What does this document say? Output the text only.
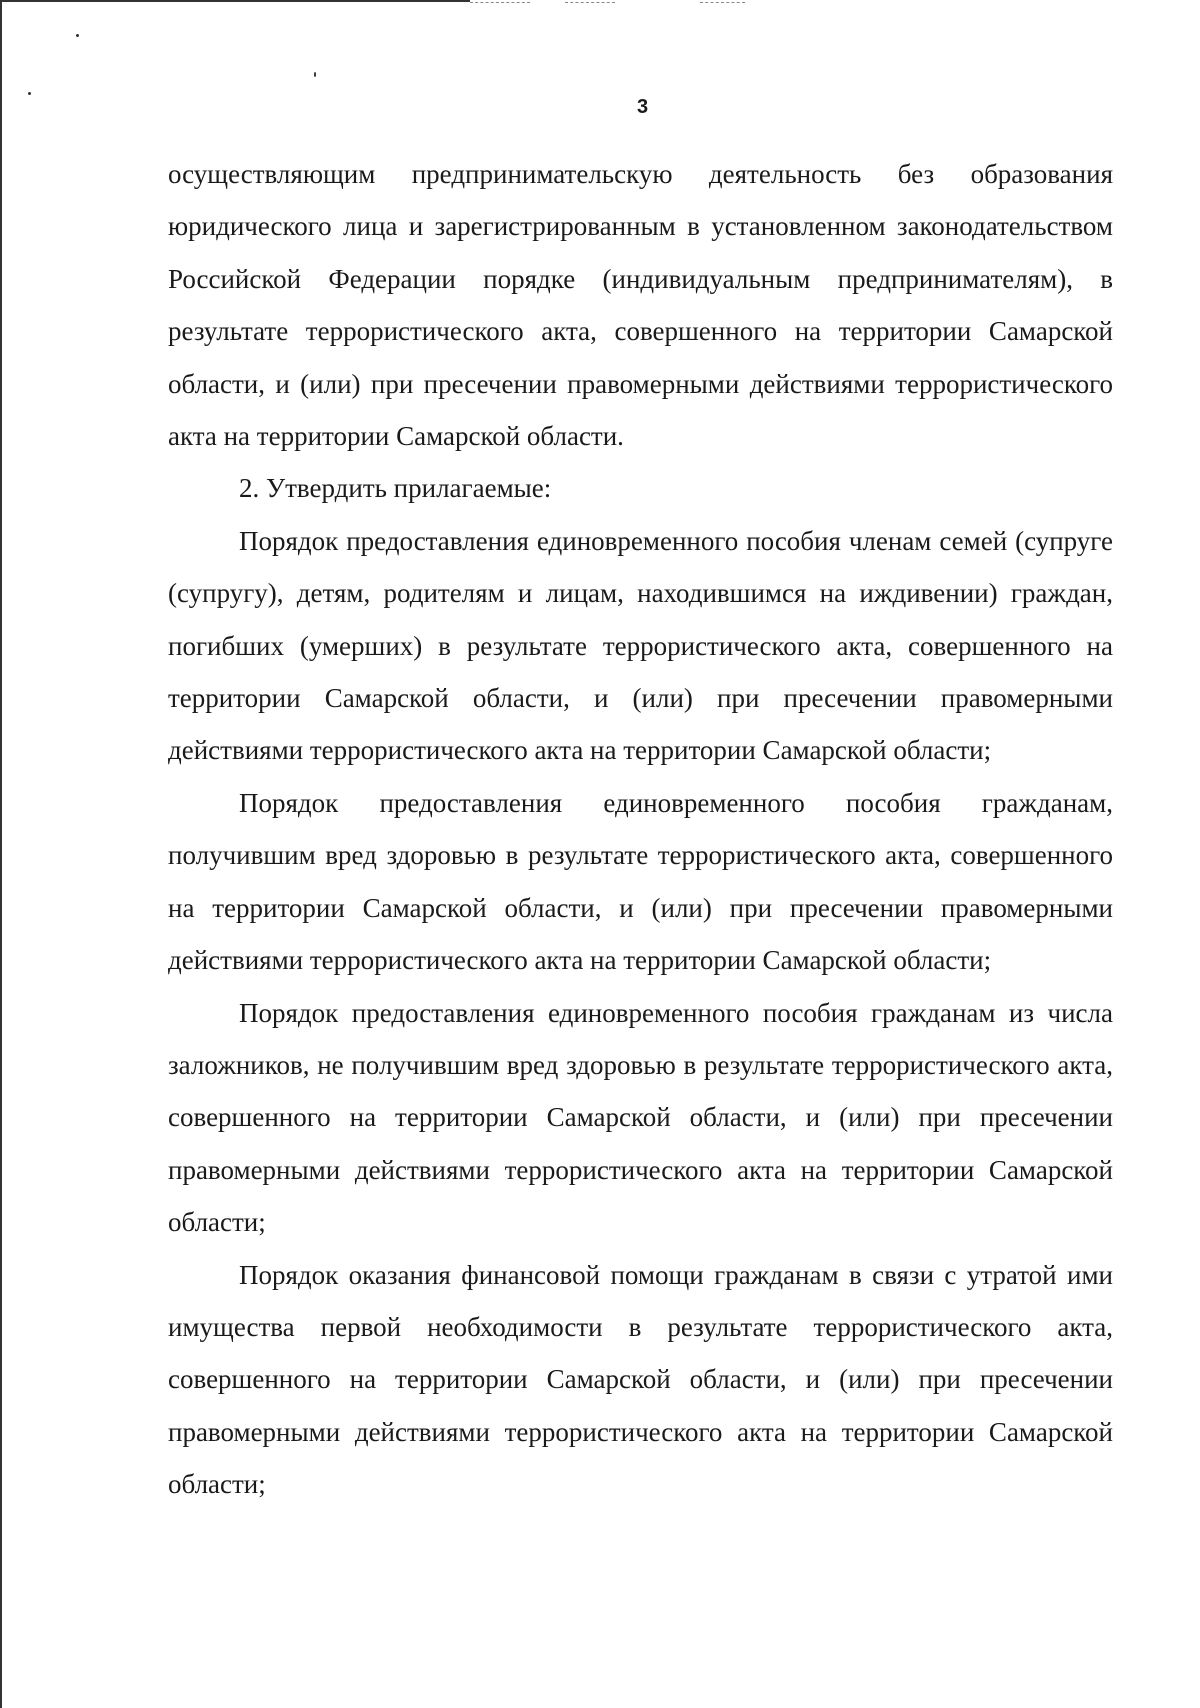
3

осуществляющим предпринимательскую деятельность без образования юридического лица и зарегистрированным в установленном законодательством Российской Федерации порядке (индивидуальным предпринимателям), в результате террористического акта, совершенного на территории Самарской области, и (или) при пресечении правомерными действиями террористического акта на территории Самарской области.

2. Утвердить прилагаемые:

Порядок предоставления единовременного пособия членам семей (супруге (супругу), детям, родителям и лицам, находившимся на иждивении) граждан, погибших (умерших) в результате террористического акта, совершенного на территории Самарской области, и (или) при пресечении правомерными действиями террористического акта на территории Самарской области;

Порядок предоставления единовременного пособия гражданам, получившим вред здоровью в результате террористического акта, совершенного на территории Самарской области, и (или) при пресечении правомерными действиями террористического акта на территории Самарской области;

Порядок предоставления единовременного пособия гражданам из числа заложников, не получившим вред здоровью в результате террористического акта, совершенного на территории Самарской области, и (или) при пресечении правомерными действиями террористического акта на территории Самарской области;

Порядок оказания финансовой помощи гражданам в связи с утратой ими имущества первой необходимости в результате террористического акта, совершенного на территории Самарской области, и (или) при пресечении правомерными действиями террористического акта на территории Самарской области;
